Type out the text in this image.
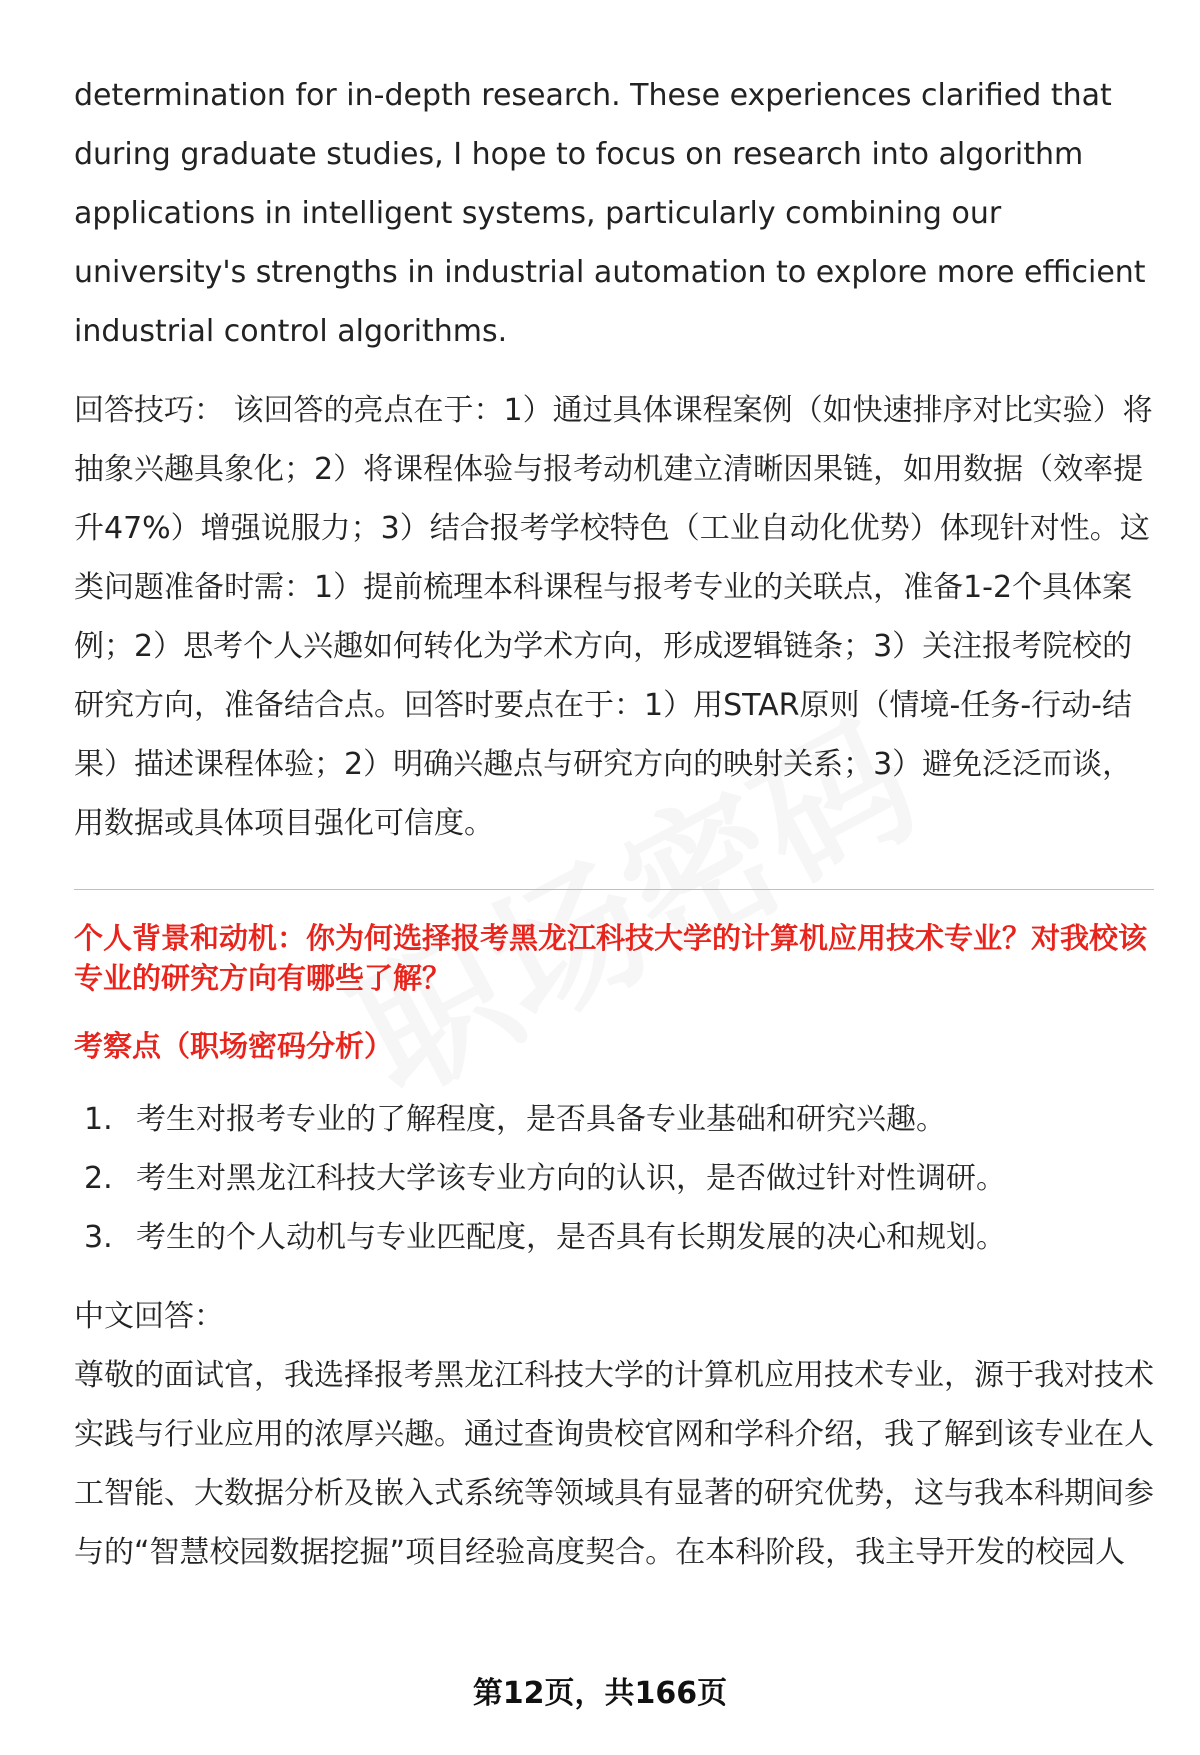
determination for in-depth research. These experiences clarified that during graduate studies, I hope to focus on research into algorithm applications in intelligent systems, particularly combining our university's strengths in industrial automation to explore more efficient industrial control algorithms.

回答技巧： 该回答的亮点在于：1）通过具体课程案例（如快速排序对比实验）将抽象兴趣具象化；2）将课程体验与报考动机建立清晰因果链，如用数据（效率提升47%）增强说服力；3）结合报考学校特色（工业自动化优势）体现针对性。这类问题准备时需：1）提前梳理本科课程与报考专业的关联点，准备1-2个具体案例；2）思考个人兴趣如何转化为学术方向，形成逻辑链条；3）关注报考院校的研究方向，准备结合点。回答时要点在于：1）用STAR原则（情境-任务-行动-结果）描述课程体验；2）明确兴趣点与研究方向的映射关系；3）避免泛泛而谈，用数据或具体项目强化可信度。

个人背景和动机：你为何选择报考黑龙江科技大学的计算机应用技术专业？对我校该专业的研究方向有哪些了解？

考察点（职场密码分析）

1. 考生对报考专业的了解程度，是否具备专业基础和研究兴趣。
2. 考生对黑龙江科技大学该专业方向的认识，是否做过针对性调研。
3. 考生的个人动机与专业匹配度，是否具有长期发展的决心和规划。

中文回答：

尊敬的面试官，我选择报考黑龙江科技大学的计算机应用技术专业，源于我对技术实践与行业应用的浓厚兴趣。通过查询贵校官网和学科介绍，我了解到该专业在人工智能、大数据分析及嵌入式系统等领域具有显著的研究优势，这与我本科期间参与的“智慧校园数据挖掘”项目经验高度契合。在本科阶段，我主导开发的校园人

第12页，共166页
